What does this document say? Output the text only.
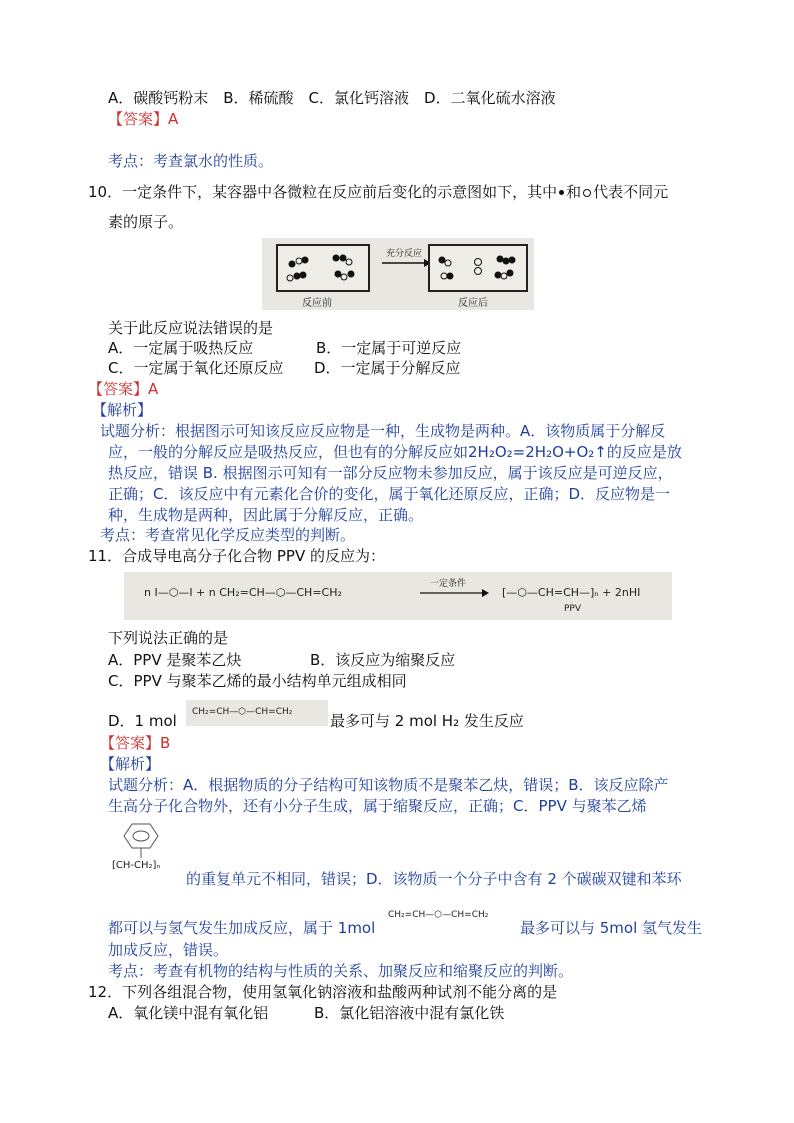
A．碳酸钙粉末　B．稀硫酸　C．氯化钙溶液　D．二氧化硫水溶液
【答案】A
考点：考查氯水的性质。
10．一定条件下，某容器中各微粒在反应前后变化的示意图如下，其中 和 代表不同元
素的原子。
反应前
充分反应
反应后
关于此反应说法错误的是
A．一定属于吸热反应	B．一定属于可逆反应
C．一定属于氧化还原反应 D．一定属于分解反应
【答案】A
【解析】
试题分析：根据图示可知该反应反应物是一种，生成物是两种。A．该物质属于分解反
应，一般的分解反应是吸热反应，但也有的分解反应如2H₂O₂=2H₂O+O₂↑的反应是放
热反应，错误 B. 根据图示可知有一部分反应物未参加反应，属于该反应是可逆反应，
正确；C．该反应中有元素化合价的变化，属于氧化还原反应，正确；D．反应物是一
种，生成物是两种，因此属于分解反应，正确。
考点：考查常见化学反应类型的判断。
11．合成导电高分子化合物 PPV 的反应为：
n I—⬡—I + n CH₂=CH—⬡—CH=CH₂
一定条件
[—⬡—CH=CH—]ₙ + 2nHI
PPV
下列说法正确的是
A．PPV 是聚苯乙炔	B．该反应为缩聚反应
C．PPV 与聚苯乙烯的最小结构单元组成相同
D．1 mol CH₂=CH—⬡—CH=CH₂	最多可与 2 mol H₂ 发生反应
【答案】B
【解析】
试题分析：A．根据物质的分子结构可知该物质不是聚苯乙炔，错误；B．该反应除产
生高分子化合物外，还有小分子生成，属于缩聚反应，正确；C．PPV 与聚苯乙烯
[CH-CH₂]ₙ
的重复单元不相同，错误；D．该物质一个分子中含有 2 个碳碳双键和苯环
都可以与氢气发生加成反应，属于 1mol
CH₂=CH—⬡—CH=CH₂
最多可以与 5mol 氢气发生
加成反应，错误。
考点：考查有机物的结构与性质的关系、加聚反应和缩聚反应的判断。
12．下列各组混合物，使用氢氧化钠溶液和盐酸两种试剂不能分离的是
A．氧化镁中混有氧化铝	B．氯化铝溶液中混有氯化铁
